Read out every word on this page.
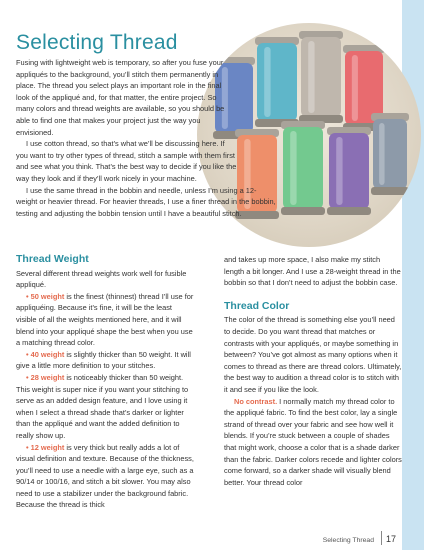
Selecting Thread

Fusing with lightweight web is temporary, so after you fuse your appliqués to the background, you’ll stitch them permanently in place. The thread you select plays an important role in the final look of the appliqué and, for that matter, the entire project. So many colors and thread weights are available, so you should be able to find one that makes your project just the way you envisioned.

I use cotton thread, so that’s what we’ll be discussing here. If you want to try other types of thread, stitch a sample with them first and see what you think. That’s the best way to decide if you like the way they look and if they’ll work nicely in your machine.

I use the same thread in the bobbin and needle, unless I’m using a 12-weight or heavier thread. For heavier threads, I use a finer thread in the bobbin, testing and adjusting the bobbin tension until I have a beautiful stitch.

Thread Weight

Several different thread weights work well for fusible appliqué.

• 50 weight is the finest (thinnest) thread I’ll use for appliquéing. Because it’s fine, it will be the least visible of all the weights mentioned here, and it will blend into your appliqué shape the best when you use a matching thread color.

• 40 weight is slightly thicker than 50 weight. It will give a little more definition to your stitches.

• 28 weight is noticeably thicker than 50 weight. This weight is super nice if you want your stitching to serve as an added design feature, and I love using it when I select a thread shade that’s darker or lighter than the appliqué and want the added definition to really show up.

• 12 weight is very thick but really adds a lot of visual definition and texture. Because of the thickness, you’ll need to use a needle with a large eye, such as a 90/14 or 100/16, and stitch a bit slower. You may also need to use a stabilizer under the background fabric. Because the thread is thick

and takes up more space, I also make my stitch length a bit longer. And I use a 28-weight thread in the bobbin so that I don’t need to adjust the bobbin case.

Thread Color

The color of the thread is something else you’ll need to decide. Do you want thread that matches or contrasts with your appliqués, or maybe something in between? You’ve got almost as many options when it comes to thread as there are thread colors. Ultimately, the best way to audition a thread color is to stitch with it and see if you like the look.

No contrast. I normally match my thread color to the appliqué fabric. To find the best color, lay a single strand of thread over your fabric and see how well it blends. If you’re stuck between a couple of shades that might work, choose a color that is a shade darker than the fabric. Darker colors recede and lighter colors come forward, so a darker shade will visually blend better. Your thread color

Selecting Thread 17
